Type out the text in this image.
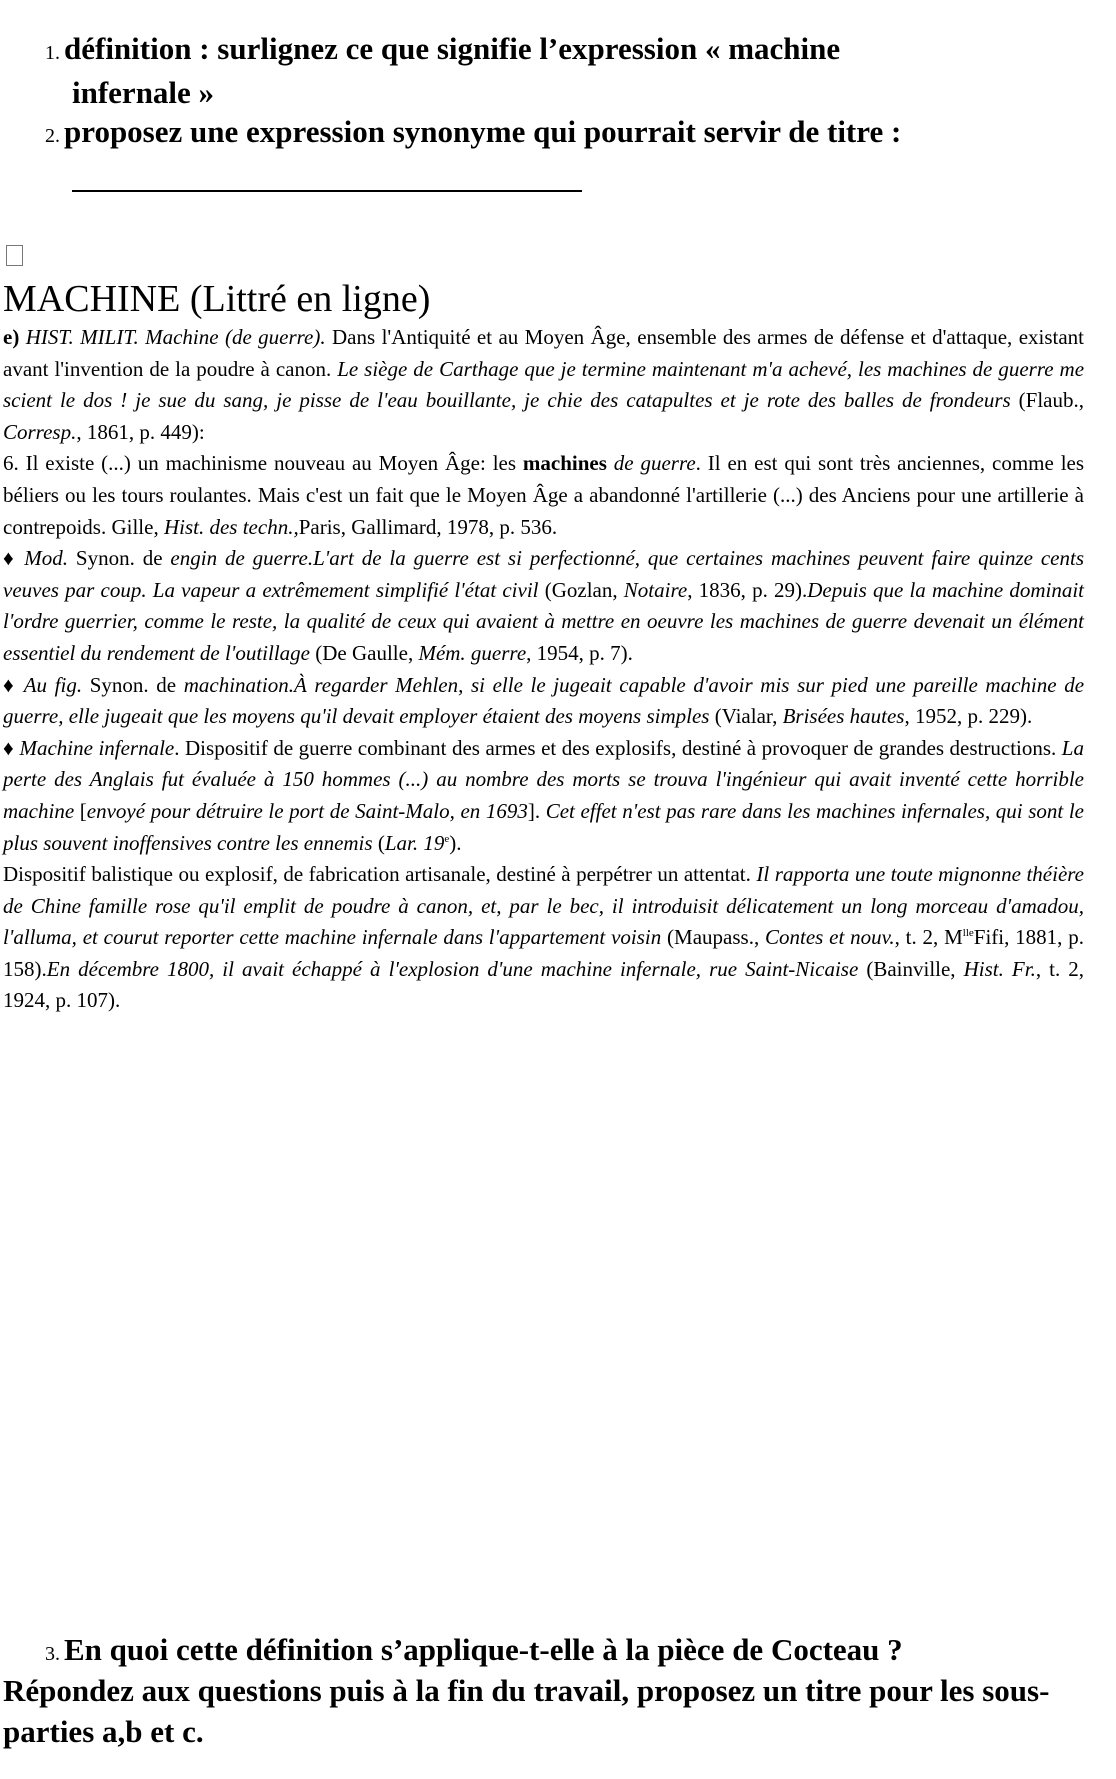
1. définition : surlignez ce que signifie l’expression « machine
infernale »

2. proposez une expression synonyme qui pourrait servir de titre :

MACHINE (Littré en ligne)

e) HIST. MILIT. Machine (de guerre). Dans l'Antiquité et au Moyen Âge, ensemble des armes de défense et d'attaque, existant avant l'invention de la poudre à canon. Le siège de Carthage que je termine maintenant m'a achevé, les machines de guerre me scient le dos ! je sue du sang, je pisse de l'eau bouillante, je chie des catapultes et je rote des balles de frondeurs (Flaub., Corresp., 1861, p. 449):

6. Il existe (...) un machinisme nouveau au Moyen Âge: les machines de guerre. Il en est qui sont très anciennes, comme les béliers ou les tours roulantes. Mais c'est un fait que le Moyen Âge a abandonné l'artillerie (...) des Anciens pour une artillerie à contrepoids. Gille, Hist. des techn.,Paris, Gallimard, 1978, p. 536.

♦ Mod. Synon. de engin de guerre.L'art de la guerre est si perfectionné, que certaines machines peuvent faire quinze cents veuves par coup. La vapeur a extrêmement simplifié l'état civil (Gozlan, Notaire, 1836, p. 29).Depuis que la machine dominait l'ordre guerrier, comme le reste, la qualité de ceux qui avaient à mettre en oeuvre les machines de guerre devenait un élément essentiel du rendement de l'outillage (De Gaulle, Mém. guerre, 1954, p. 7).

♦ Au fig. Synon. de machination.À regarder Mehlen, si elle le jugeait capable d'avoir mis sur pied une pareille machine de guerre, elle jugeait que les moyens qu'il devait employer étaient des moyens simples (Vialar, Brisées hautes, 1952, p. 229).

♦ Machine infernale. Dispositif de guerre combinant des armes et des explosifs, destiné à provoquer de grandes destructions. La perte des Anglais fut évaluée à 150 hommes (...) au nombre des morts se trouva l'ingénieur qui avait inventé cette horrible machine [envoyé pour détruire le port de Saint-Malo, en 1693]. Cet effet n'est pas rare dans les machines infernales, qui sont le plus souvent inoffensives contre les ennemis (Lar. 19e).

Dispositif balistique ou explosif, de fabrication artisanale, destiné à perpétrer un attentat. Il rapporta une toute mignonne théière de Chine famille rose qu'il emplit de poudre à canon, et, par le bec, il introduisit délicatement un long morceau d'amadou, l'alluma, et courut reporter cette machine infernale dans l'appartement voisin (Maupass., Contes et nouv., t. 2, $M^{lle}Fifi$, 1881, p. 158).En décembre 1800, il avait échappé à l'explosion d'une machine infernale, rue Saint-Nicaise (Bainville, Hist. Fr., t. 2, 1924, p. 107).

3. En quoi cette définition s’applique-t-elle à la pièce de Cocteau ?

Répondez aux questions puis à la fin du travail, proposez un titre pour les sous-parties a,b et c.
